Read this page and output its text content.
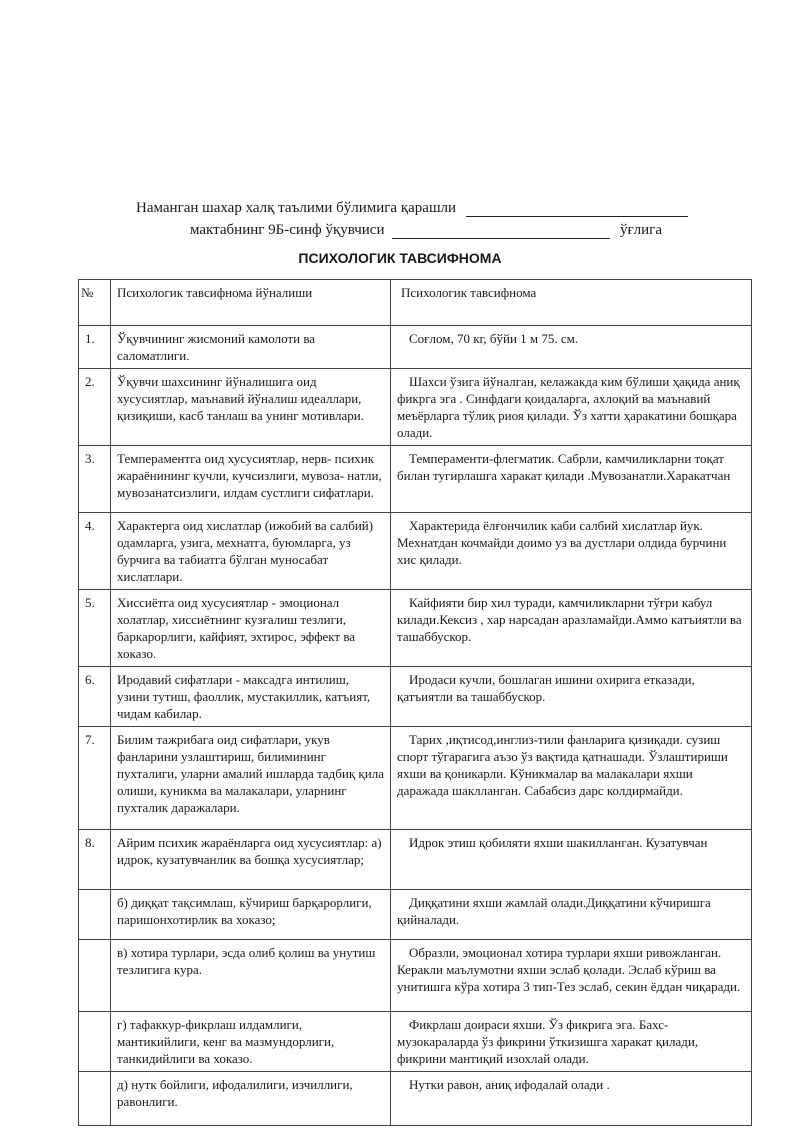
Наманган шахар халқ таълими бўлимига қарашли
мактабнинг 9Б-синф ўқувчиси	ўғлига
ПСИХОЛОГИК ТАВСИФНОМА
№	Психологик тавсифнома йўналиши	Психологик тавсифнома
1.	Ўқувчининг жисмоний камолоти ва саломатлиги.	Соғлом, 70 кг, бўйи 1 м 75. см.

2.	Ўқувчи шахсининг йўналишига оид хусусиятлар, маънавий йўналиш идеаллари, қизиқиши, касб танлаш ва унинг мотивлари.	Шахси ўзига йўналган, келажакда ким бўлиши ҳақида аниқ фикрга эга . Синфдаги қоидаларга, ахлоқий ва маънавий меъёрларга тўлиқ риоя қилади. Ўз хатти ҳаракатини бошқара олади.

3.	Темпераментга оид хусусиятлар, нерв- психик жараёнининг кучли, кучсизлиги, мувоза- натли, мувозанатсизлиги, илдам сустлиги сифатлари.	Темпераменти-флегматик. Сабрли, камчиликларни тоқат билан тугирлашга харакат қилади .Мувозанатли.Харакатчан

4.	Характерга оид хислатлар (ижобий ва салбий) одамларга, узига, мехнатга, буюмларга, уз бурчига ва табиатга бўлган муносабат хислатлари.	Характерида ёлғончилик каби салбий хислатлар йук. Мехнатдан кочмайди доимо уз ва дустлари олдида бурчини хис қилади.

5.	Хиссиётга оид хусусиятлар - эмоционал холатлар, хиссиётнинг кузғалиш тезлиги, баркарорлиги, кайфият, эхтирос, эффект ва хоказо.	Кайфияти бир хил туради, камчиликларни тўғри кабул килади.Кексиз , хар нарсадан аразламайди.Аммо катъиятли ва ташаббускор.

6.	Иродавий сифатлари - максадга интилиш, узини тутиш, фаоллик, мустакиллик, катъият, чидам кабилар.	Иродаси кучли, бошлаган ишини охирига етказади, қатъиятли ва ташаббускор.

7.	Билим тажрибага оид сифатлари, укув фанларини узлаштириш, билимининг пухталиги, уларни амалий ишларда тадбиқ қила олиши, куникма ва малакалари, уларнинг пухталик даражалари.	Тарих ,иқтисод,инглиз-тили фанларига қизиқади. сузиш спорт тўгарагига аъзо ўз вақтида қатнашади. Ўзлаштириши яхши ва қоникарли. Кўникмалар ва малакалари яхши даражада шаклланган. Сабабсиз дарс колдирмайди.

8.	Айрим психик жараёнларга оид хусусиятлар: а) идрок, кузатувчанлик ва бошқа хусусиятлар;	Идрок этиш қобиляти яхши шакилланган. Кузатувчан

	б) диққат тақсимлаш, кўчириш барқарорлиги, паришонхотирлик ва хоказо;	Диққатини яхши жамлай олади.Диққатини кўчиришга қийналади.

	в) хотира турлари, эсда олиб қолиш ва унутиш тезлигига кура.	Образли, эмоционал хотира турлари яхши ривожланган. Керакли маълумотни яхши эслаб қолади. Эслаб кўриш ва унитишга кўра хотира 3 тип-Тез эслаб, секин ёддан чиқаради.

	г) тафаккур-фикрлаш илдамлиги, мантикийлиги, кенг ва мазмундорлиги, танкидийлиги ва хоказо.	Фикрлаш доираси яхши. Ўз фикрига эга. Бахс-музокараларда ўз фикрини ўткизишга харакат қилади, фикрини мантиқий изохлай олади.

	д) нутк бойлиги, ифодалилиги, изчиллиги, равонлиги.	Нутки равон, аниқ ифодалай олади .
